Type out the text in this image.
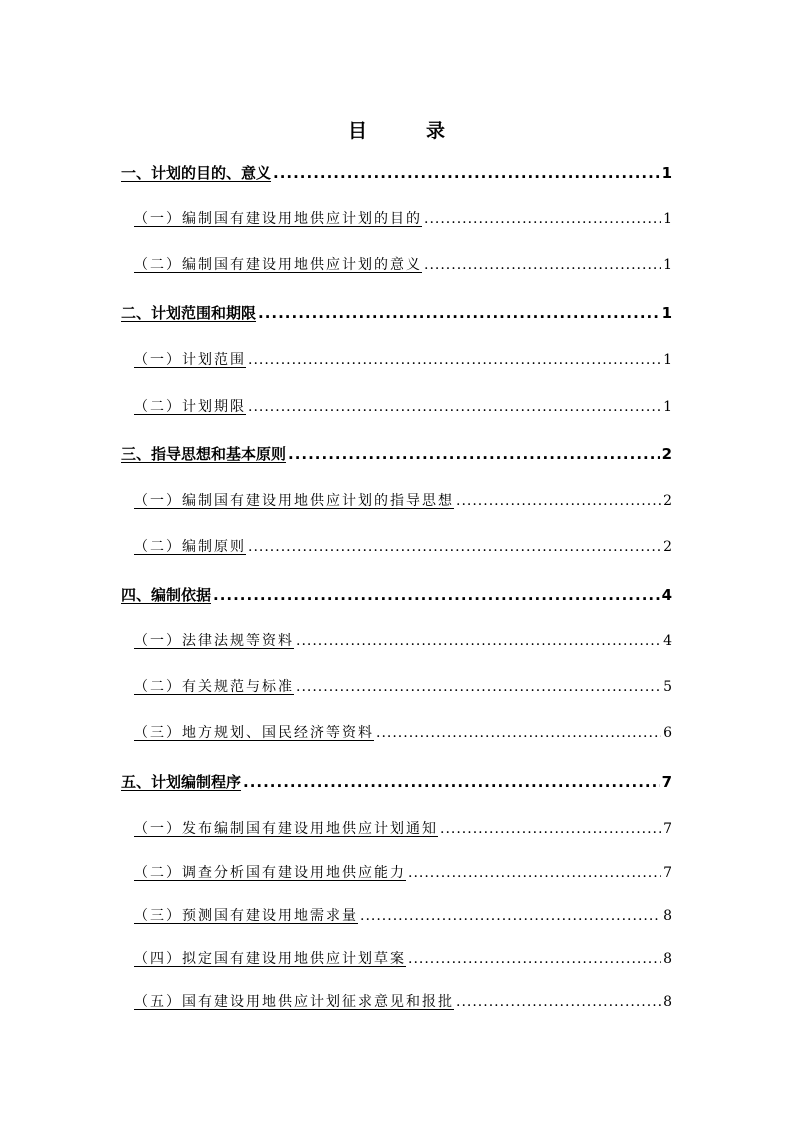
目　录
一、计划的目的、意义 .....	1
（一）编制国有建设用地供应计划的目的 .....	1
（二）编制国有建设用地供应计划的意义 .....	1
二、计划范围和期限 .....	1
（一）计划范围 .....	1
（二）计划期限 .....	1
三、指导思想和基本原则 .....	2
（一）编制国有建设用地供应计划的指导思想 .....	2
（二）编制原则 .....	2
四、编制依据 .....	4
（一）法律法规等资料 .....	4
（二）有关规范与标准 .....	5
（三）地方规划、国民经济等资料 .....	6
五、计划编制程序 .....	7
（一）发布编制国有建设用地供应计划通知 .....	7
（二）调查分析国有建设用地供应能力 .....	7
（三）预测国有建设用地需求量 .....	8
（四）拟定国有建设用地供应计划草案 .....	8
（五）国有建设用地供应计划征求意见和报批 .....	8
